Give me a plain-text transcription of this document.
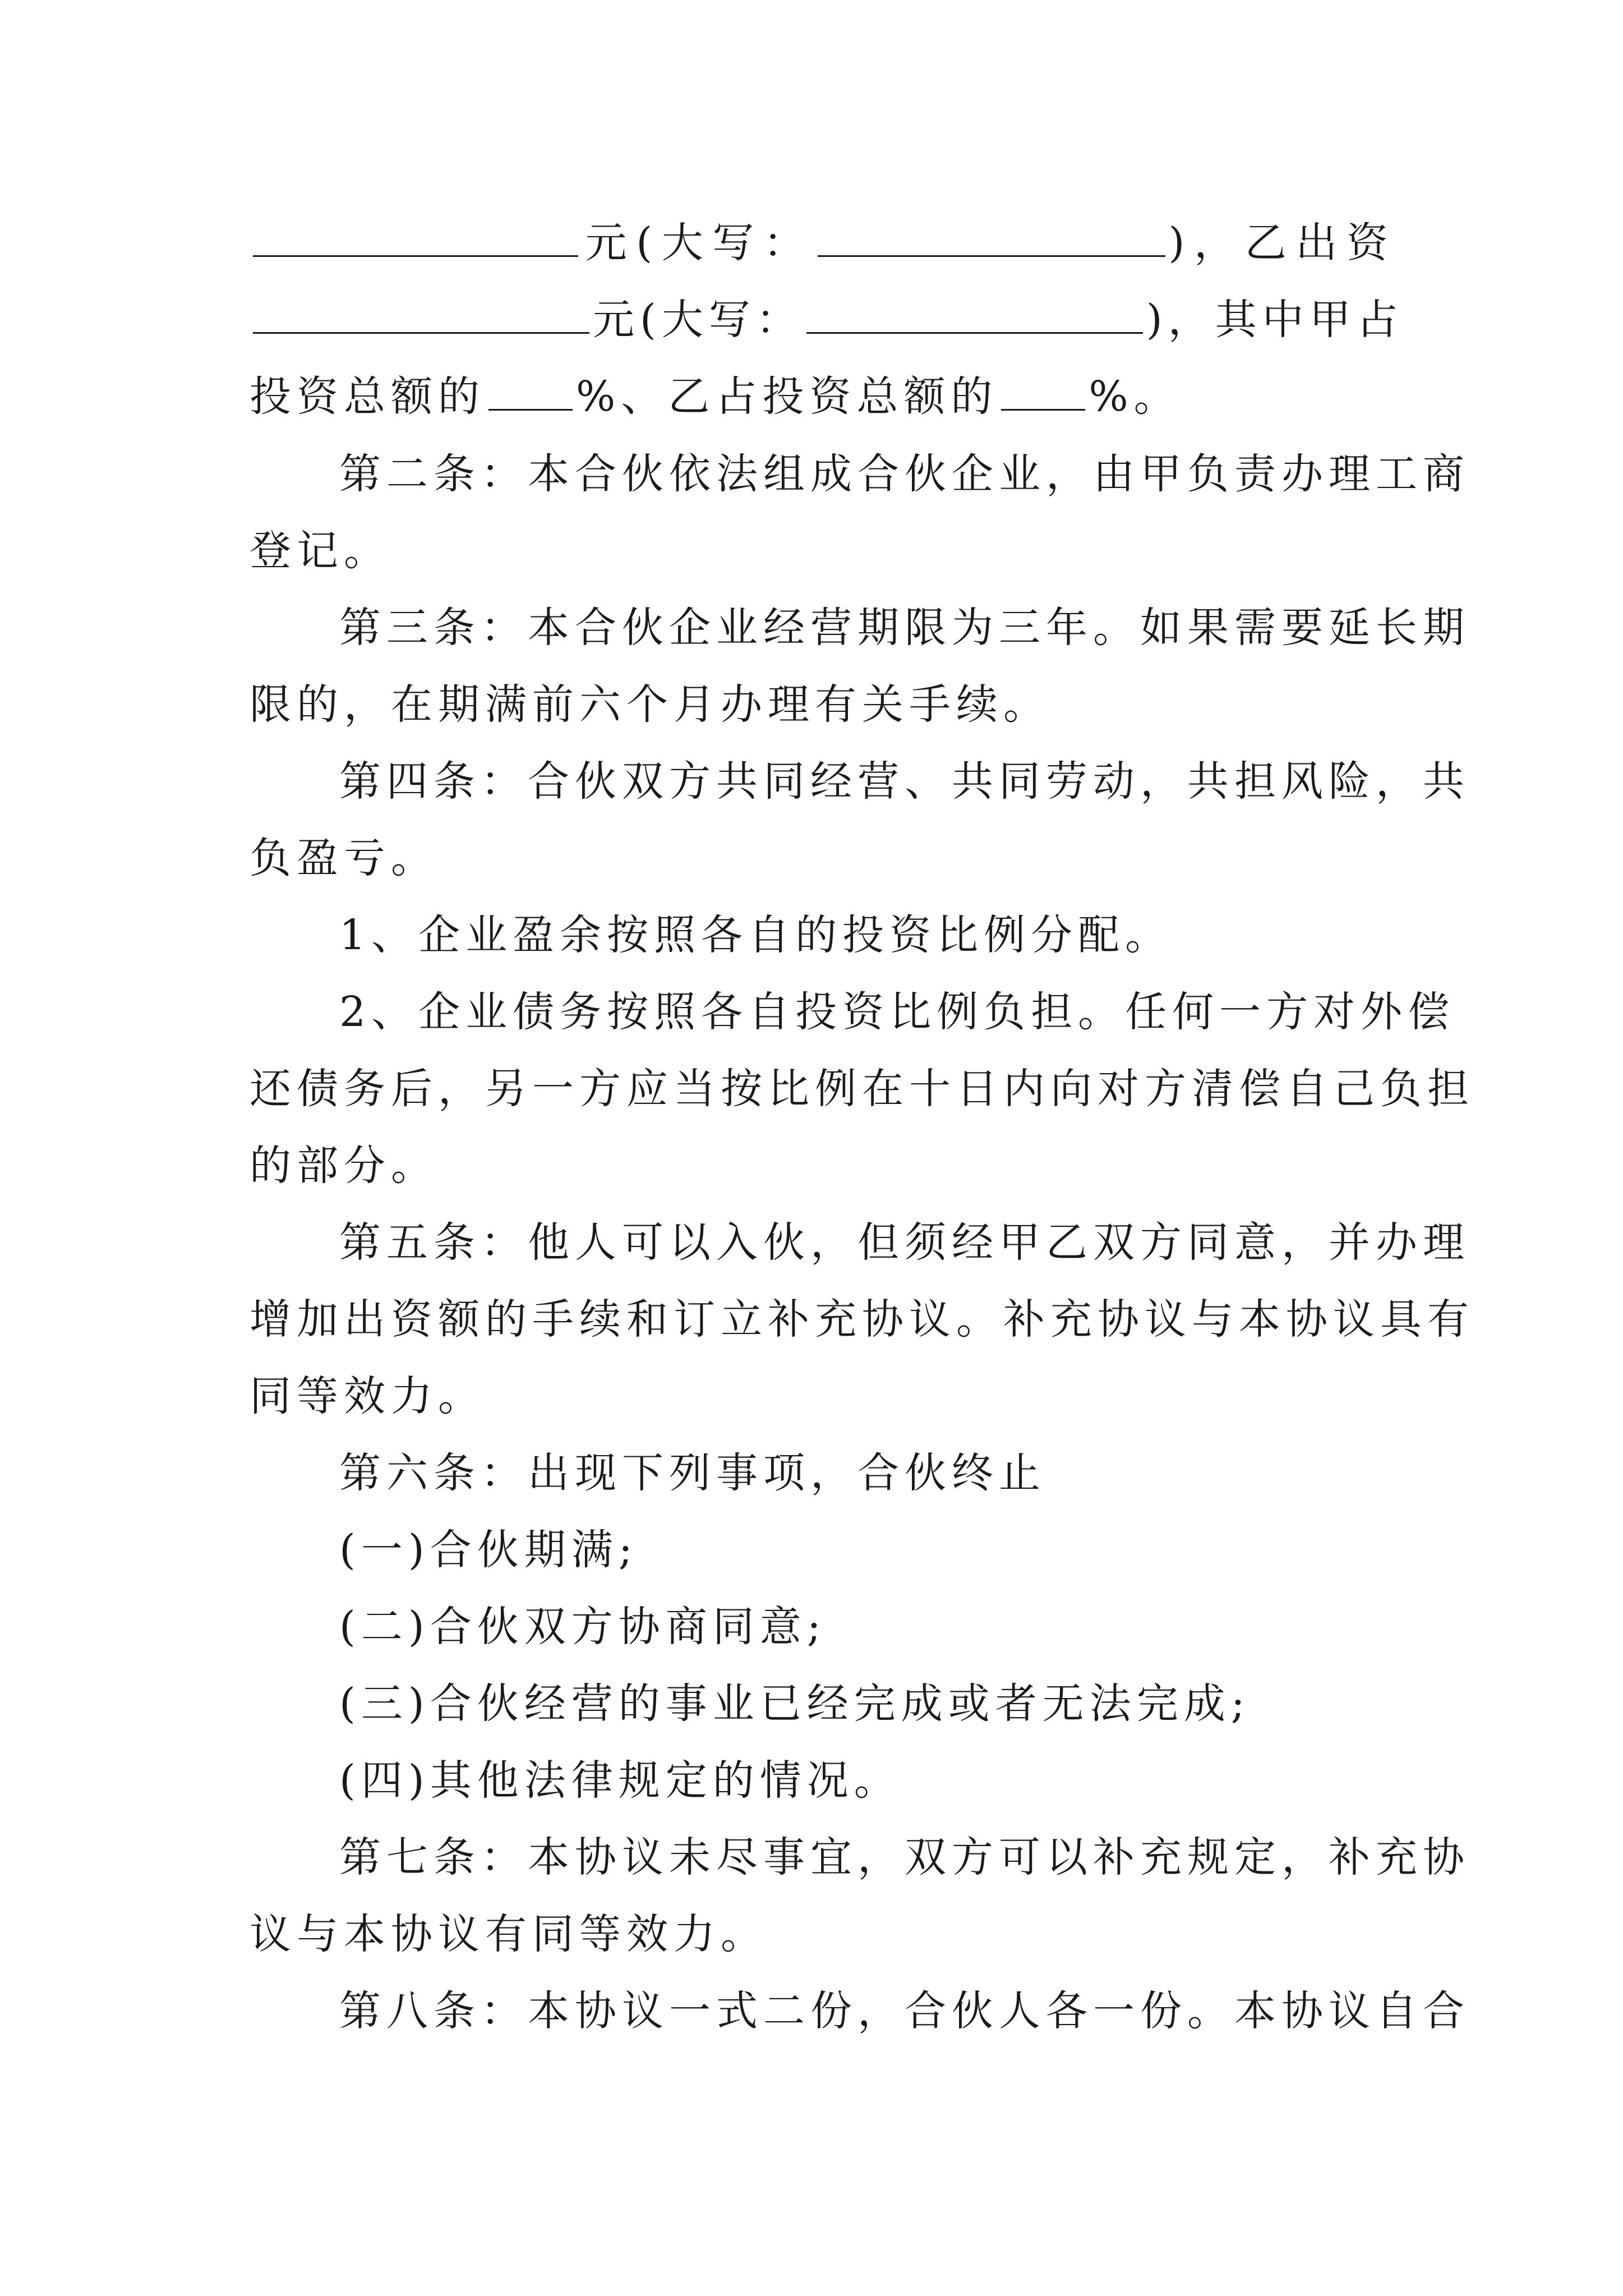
元(大写：	)，乙出资
元(大写：	)，其中甲占
投资总额的 %、乙占投资总额的 %。
第二条：本合伙依法组成合伙企业，由甲负责办理工商
登记。
第三条：本合伙企业经营期限为三年。如果需要延长期
限的，在期满前六个月办理有关手续。
第四条：合伙双方共同经营、共同劳动，共担风险，共
负盈亏。
1、企业盈余按照各自的投资比例分配。
2、企业债务按照各自投资比例负担。任何一方对外偿
还债务后，另一方应当按比例在十日内向对方清偿自己负担
的部分。
第五条：他人可以入伙，但须经甲乙双方同意，并办理
增加出资额的手续和订立补充协议。补充协议与本协议具有
同等效力。
第六条：出现下列事项，合伙终止
(一)合伙期满;
(二)合伙双方协商同意;
(三)合伙经营的事业已经完成或者无法完成;
(四)其他法律规定的情况。
第七条：本协议未尽事宜，双方可以补充规定，补充协
议与本协议有同等效力。
第八条：本协议一式二份，合伙人各一份。本协议自合
